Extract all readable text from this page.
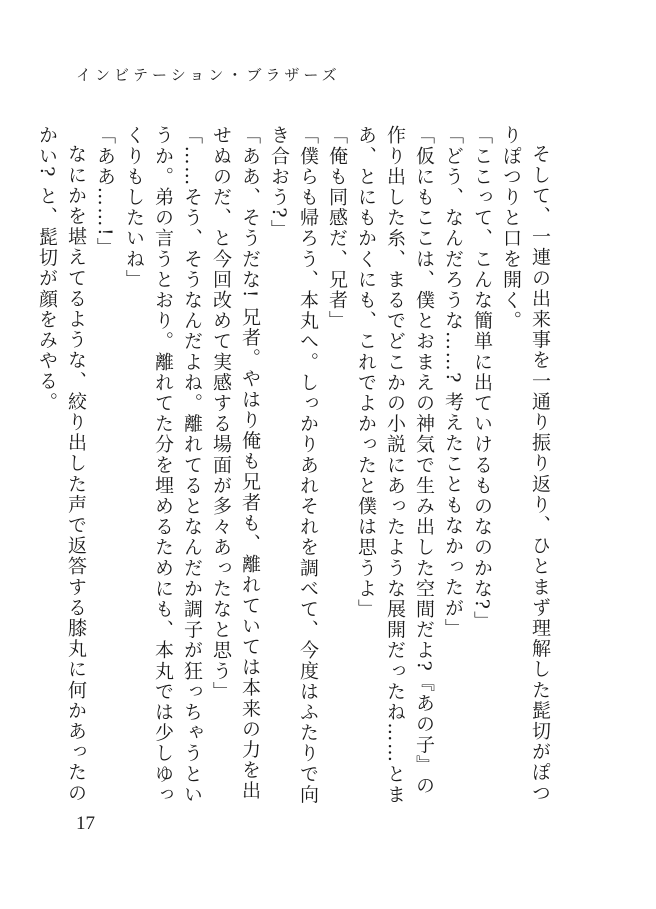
インビテーション・ブラザーズ

そして、一連の出来事を一通り振り返り、ひとまず理解した髭切がぽつりぽつりと口を開く。

「ここって、こんな簡単に出ていけるものなのかな?」

「どう、なんだろうな……? 考えたこともなかったが」

「仮にもここは、僕とおまえの神気で生み出した空間だよ?『あの子』の作り出した糸、まるでどこかの小説にあったような展開だったね……とまあ、とにもかくにも、これでよかったと僕は思うよ」

「俺も同感だ、兄者」

「僕らも帰ろう、本丸へ。しっかりあれそれを調べて、今度はふたりで向き合おう?」

「ああ、そうだな! 兄者。やはり俺も兄者も、離れていては本来の力を出せぬのだ、と今回改めて実感する場面が多々あったなと思う」

「……そう、そうなんだよね。離れてるとなんだか調子が狂っちゃうというか。弟の言うとおり。離れてた分を埋めるためにも、本丸では少しゆっくりもしたいね」

「ああ……!」

なにかを堪えてるような、絞り出した声で返答する膝丸に何かあったのかい? と、髭切が顔をみやる。

17
